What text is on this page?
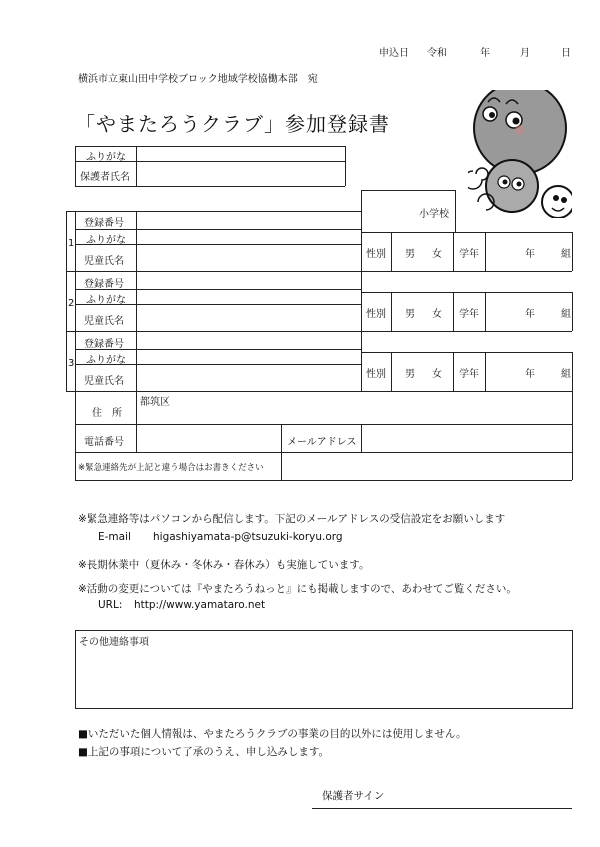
申込日 令和	年	月	日
横浜市立東山田中学校ブロック地域学校協働本部　宛
「やまたろうクラブ」参加登録書
ふりがな
保護者氏名
小学校
1
登録番号
ふりがな
児童氏名
性別 男 女 学年	年	組
2
登録番号
ふりがな
児童氏名
性別 男 女 学年	年	組
3
登録番号
ふりがな
児童氏名
性別 男 女 学年	年	組
住　所
都筑区
電話番号	メールアドレス
※緊急連絡先が上記と違う場合はお書きください
※緊急連絡等はパソコンから配信します。下記のメールアドレスの受信設定をお願いします
E-mail higashiyamata-p@tsuzuki-koryu.org
※長期休業中（夏休み・冬休み・春休み）も実施しています。
※活動の変更については『やまたろうねっと』にも掲載しますので、あわせてご覧ください。
URL: http://www.yamataro.net
その他連絡事項
■いただいた個人情報は、やまたろうクラブの事業の目的以外には使用しません。
■上記の事項について了承のうえ、申し込みします。
保護者サイン
